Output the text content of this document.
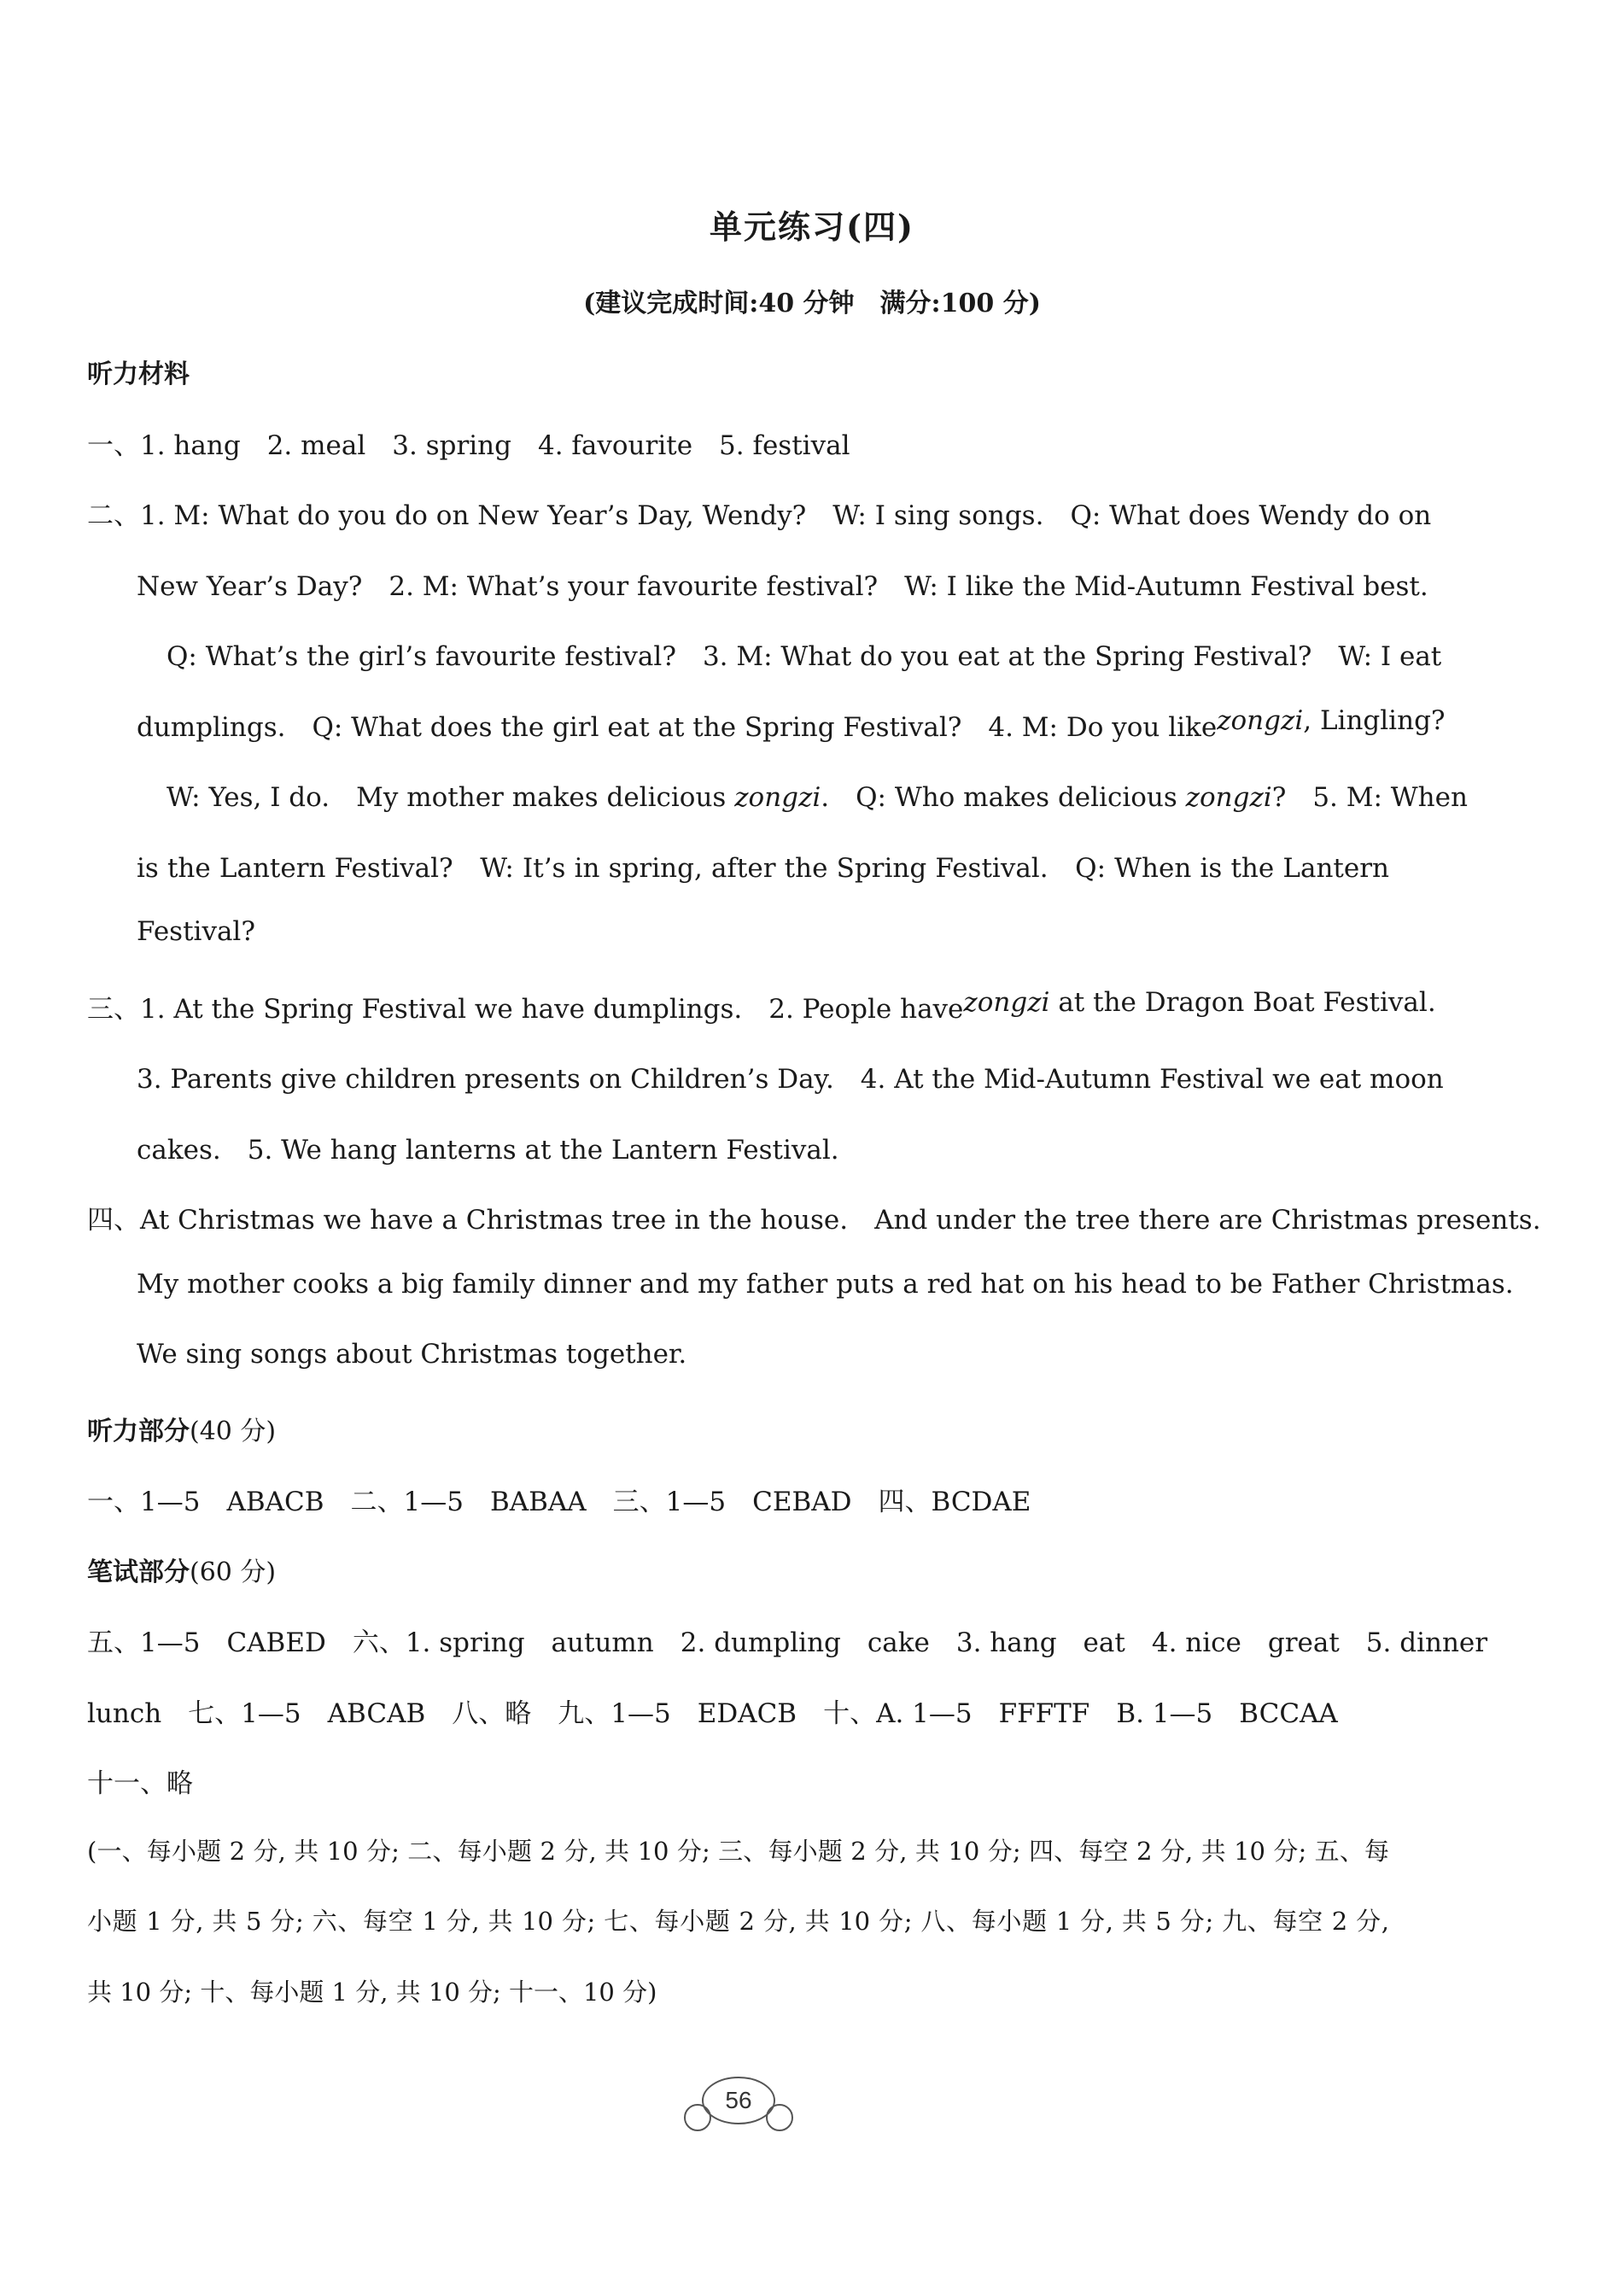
单元练习(四)
(建议完成时间:40 分钟　满分:100 分)
听力材料
一、1. hang　2. meal　3. spring　4. favourite　5. festival
二、1. M: What do you do on New Year’s Day, Wendy?　W: I sing songs.　Q: What does Wendy do on
New Year’s Day?　2. M: What’s your favourite festival?　W: I like the Mid-Autumn Festival best.
Q: What’s the girl’s favourite festival?　3. M: What do you eat at the Spring Festival?　W: I eat
dumplings.　Q: What does the girl eat at the Spring Festival?　4. M: Do you like zongzi, Lingling?
W: Yes, I do.　My mother makes delicious zongzi.　Q: Who makes delicious zongzi ?　5. M: When
is the Lantern Festival?　W: It’s in spring, after the Spring Festival.　Q: When is the Lantern
Festival?
三、1. At the Spring Festival we have dumplings.　2. People have zongzi at the Dragon Boat Festival.
3. Parents give children presents on Children’s Day.　4. At the Mid-Autumn Festival we eat moon
cakes.　5. We hang lanterns at the Lantern Festival.
四、At Christmas we have a Christmas tree in the house.　And under the tree there are Christmas presents.
My mother cooks a big family dinner and my father puts a red hat on his head to be Father Christmas.
We sing songs about Christmas together.
听力部分(40 分)
一、1—5　ABACB　二、1—5　BABAA　三、1—5　CEBAD　四、BCDAE
笔试部分(60 分)
五、1—5　CABED　六、1. spring　autumn　2. dumpling　cake　3. hang　eat　4. nice　great　5. dinner
lunch　七、1—5　ABCAB　八、略　九、1—5　EDACB　十、A. 1—5　FFFTF　B. 1—5　BCCAA
十一、略
(一、每小题 2 分, 共 10 分; 二、每小题 2 分, 共 10 分; 三、每小题 2 分, 共 10 分; 四、每空 2 分, 共 10 分; 五、每
小题 1 分, 共 5 分; 六、每空 1 分, 共 10 分; 七、每小题 2 分, 共 10 分; 八、每小题 1 分, 共 5 分; 九、每空 2 分,
共 10 分; 十、每小题 1 分, 共 10 分; 十一、10 分)
56
